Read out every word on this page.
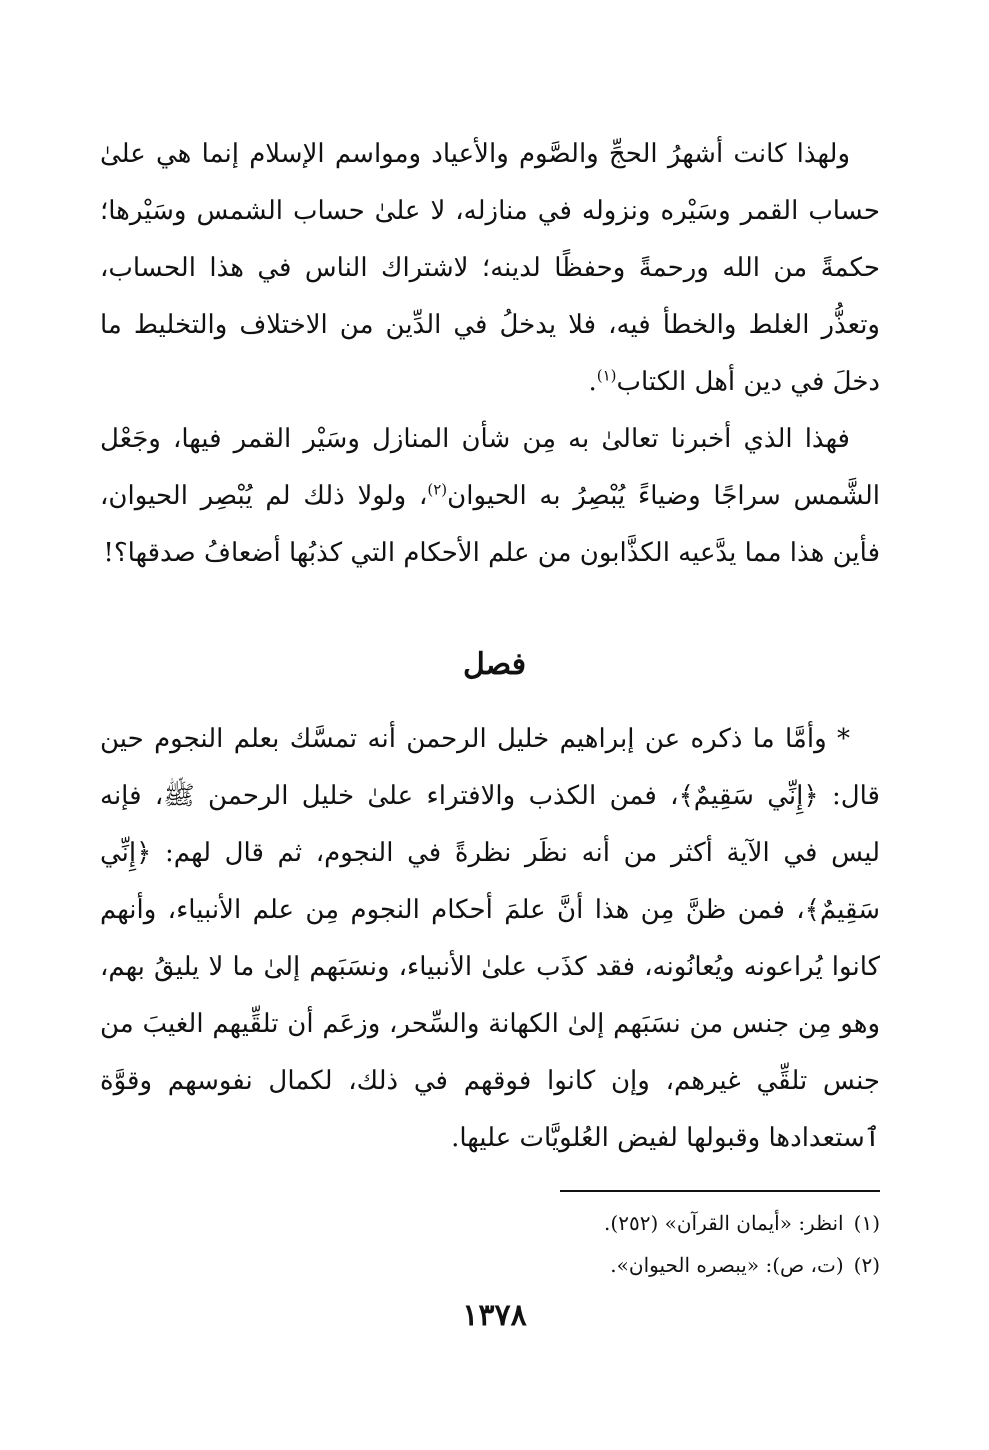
ولهذا كانت أشهرُ الحجِّ والصَّوم والأعياد ومواسم الإسلام إنما هي علىٰ حساب القمر وسَيْره ونزوله في منازله، لا علىٰ حساب الشمس وسَيْرها؛ حكمةً من الله ورحمةً وحفظًا لدينه؛ لاشتراك الناس في هذا الحساب، وتعذُّر الغلط والخطأ فيه، فلا يدخلُ في الدِّين من الاختلاف والتخليط ما دخلَ في دين أهل الكتاب$^{(١)}$.

فهذا الذي أخبرنا تعالىٰ به مِن شأن المنازل وسَيْر القمر فيها، وجَعْل الشَّمس سراجًا وضياءً يُبْصِرُ به الحيوان$^{(٢)}$، ولولا ذلك لم يُبْصِر الحيوان، فأين هذا مما يدَّعيه الكذَّابون من علم الأحكام التي كذبُها أضعافُ صدقها؟!

فصل

* وأمَّا ما ذكره عن إبراهيم خليل الرحمن أنه تمسَّك بعلم النجوم حين قال: ﴿إِنِّي سَقِيمٌ﴾، فمن الكذب والافتراء علىٰ خليل الرحمن ﷺ، فإنه ليس في الآية أكثر من أنه نظَر نظرةً في النجوم، ثم قال لهم: ﴿إِنِّي سَقِيمٌ﴾، فمن ظنَّ مِن هذا أنَّ علمَ أحكام النجوم مِن علم الأنبياء، وأنهم كانوا يُراعونه ويُعانُونه، فقد كذَب علىٰ الأنبياء، ونسَبَهم إلىٰ ما لا يليقُ بهم، وهو مِن جنس من نسَبَهم إلىٰ الكهانة والسِّحر، وزعَم أن تلقِّيهم الغيبَ من جنس تلقِّي غيرهم، وإن كانوا فوقهم في ذلك، لكمال نفوسهم وقوَّة ٱستعدادها وقبولها لفيض العُلويَّات عليها.

(١)انظر: «أيمان القرآن» (٢٥٢).
(٢)(ت، ص): «يبصره الحيوان».
١٣٧٨
